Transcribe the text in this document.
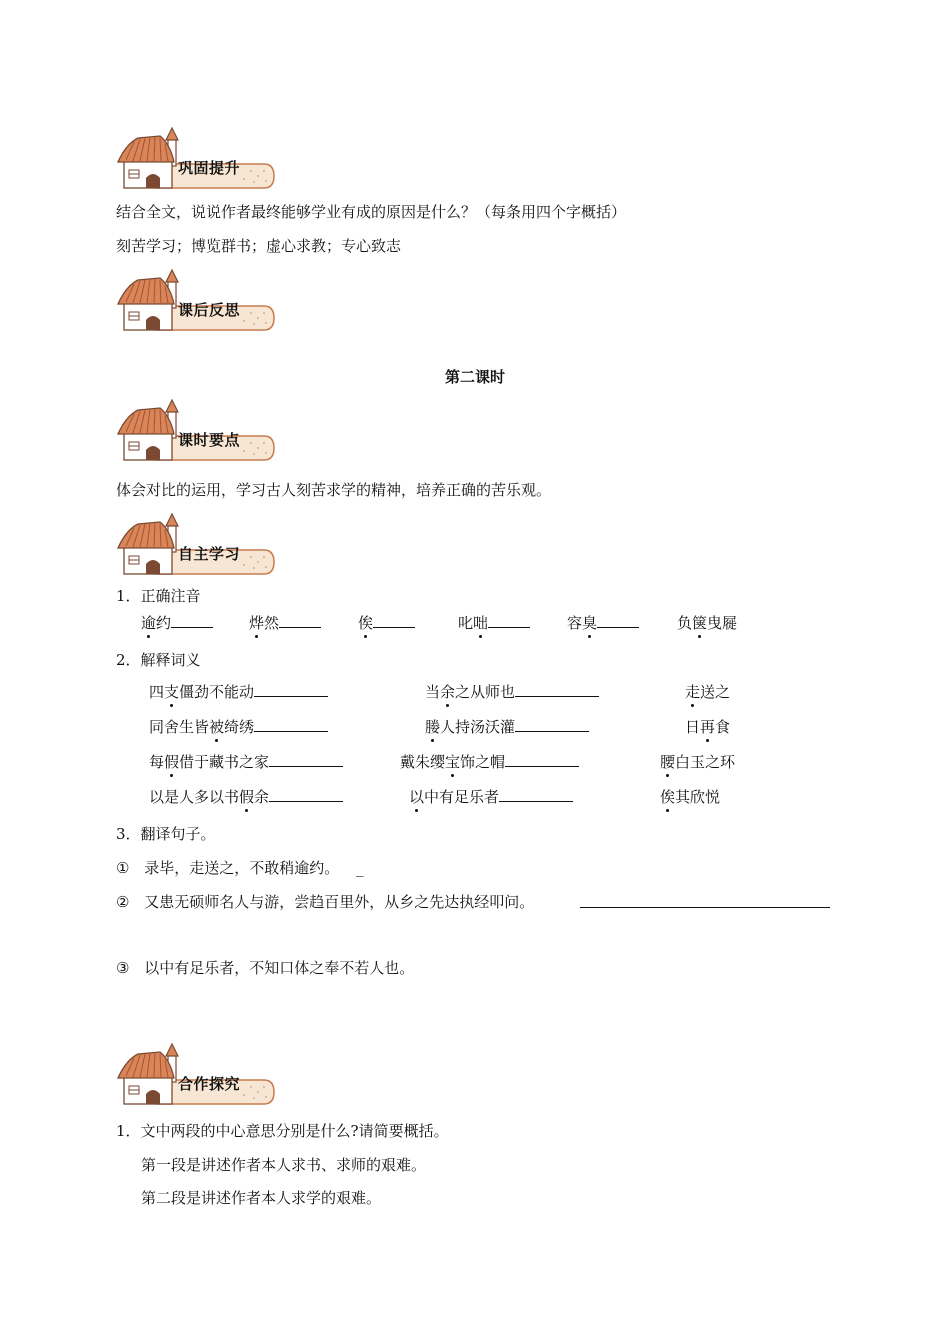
巩固提升
结合全文，说说作者最终能够学业有成的原因是什么？（每条用四个字概括）
刻苦学习；博览群书；虚心求教；专心致志
课后反思
第二课时
课时要点
体会对比的运用，学习古人刻苦求学的精神，培养正确的苦乐观。
自主学习
1．正确注音
逾约	烨然	俟	叱咄	容臭	负箧曳屣
2．解释词义
四支僵劲不能动	当余之从师也	走送之
同舍生皆被绮绣	媵人持汤沃灌	日再食
每假借于藏书之家	戴朱缨宝饰之帽	腰白玉之环
以是人多以书假余	以中有足乐者	俟其欣悦
3．翻译句子。
① 录毕，走送之，不敢稍逾约。 _
② 又患无硕师名人与游，尝趋百里外，从乡之先达执经叩问。
③ 以中有足乐者，不知口体之奉不若人也。
合作探究
1．文中两段的中心意思分别是什么?请简要概括。
第一段是讲述作者本人求书、求师的艰难。
第二段是讲述作者本人求学的艰难。
